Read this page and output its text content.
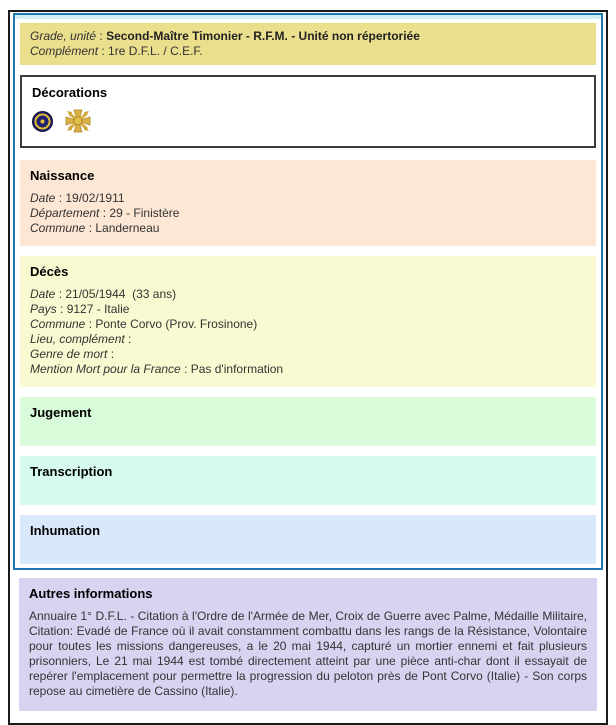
Grade, unité : Second-Maître Timonier - R.F.M. - Unité non répertoriée
Complément : 1re D.F.L. / C.E.F.
Décorations
Naissance
Date : 19/02/1911
Département : 29 - Finistère
Commune : Landerneau
Décès
Date : 21/05/1944  (33 ans)
Pays : 9127 - Italie
Commune : Ponte Corvo (Prov. Frosinone)
Lieu, complément :
Genre de mort :
Mention Mort pour la France : Pas d'information
Jugement
Transcription
Inhumation
Autres informations

Annuaire 1° D.F.L. - Citation à l'Ordre de l'Armée de Mer, Croix de Guerre avec Palme, Médaille Militaire, Citation: Evadé de France où il avait constamment combattu dans les rangs de la Résistance, Volontaire pour toutes les missions dangereuses, a le 20 mai 1944, capturé un mortier ennemi et fait plusieurs prisonniers, Le 21 mai 1944 est tombé directement atteint par une pièce anti-char dont il essayait de repérer l'emplacement pour permettre la progression du peloton près de Pont Corvo (Italie) - Son corps repose au cimetière de Cassino (Italie).
